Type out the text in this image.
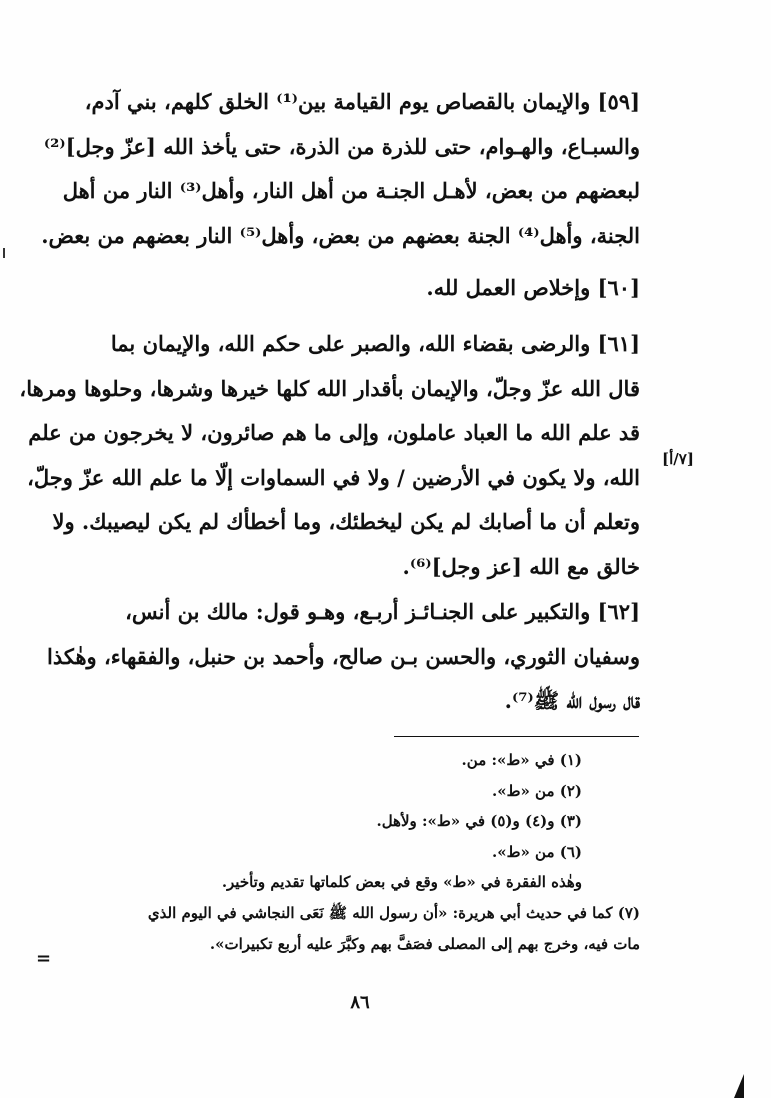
[٥٩] والإيمان بالقصاص يوم القيامة بين⁽¹⁾ الخلق كلهم، بني آدم،
والسبـاع، والهـوام، حتى للذرة من الذرة، حتى يأخذ الله [عزّ وجل]⁽²⁾
لبعضهم من بعض، لأهـل الجنـة من أهل النار، وأهل⁽³⁾ النار من أهل
الجنة، وأهل⁽⁴⁾ الجنة بعضهم من بعض، وأهل⁽⁵⁾ النار بعضهم من بعض.

[٦٠] وإخلاص العمل لله.

[٦١] والرضى بقضاء الله، والصبر على حكم الله، والإيمان بما
قال الله عزّ وجلّ، والإيمان بأقدار الله كلها خيرها وشرها، وحلوها ومرها،
قد علم الله ما العباد عاملون، وإلى ما هم صائرون، لا يخرجون من علم
الله، ولا يكون في الأرضين / ولا في السماوات إلّا ما علم الله عزّ وجلّ،
وتعلم أن ما أصابك لم يكن ليخطئك، وما أخطأك لم يكن ليصيبك. ولا
خالق مع الله [عز وجل]⁽⁶⁾.

[٧/أ]

[٦٢] والتكبير على الجنـائـز أربـع، وهـو قول: مالك بن أنس،
وسفيان الثوري، والحسن بـن صالح، وأحمد بن حنبل، والفقهاء، وهٰكذا
قال رسول الله ﷺ⁽⁷⁾.

(١) في «ط»: من.
(٢) من «ط».
(٣) و(٤) و(٥) في «ط»: ولأهل.
(٦) من «ط».
وهٰذه الفقرة في «ط» وقع في بعض كلماتها تقديم وتأخير.
(٧) كما في حديث أبي هريرة: «أن رسول الله ﷺ نَعَى النجاشي في اليوم الذي
مات فيه، وخرج بهم إلى المصلى فصَفَّ بهم وكبَّرَ عليه أربع تكبيرات».
=
٨٦
